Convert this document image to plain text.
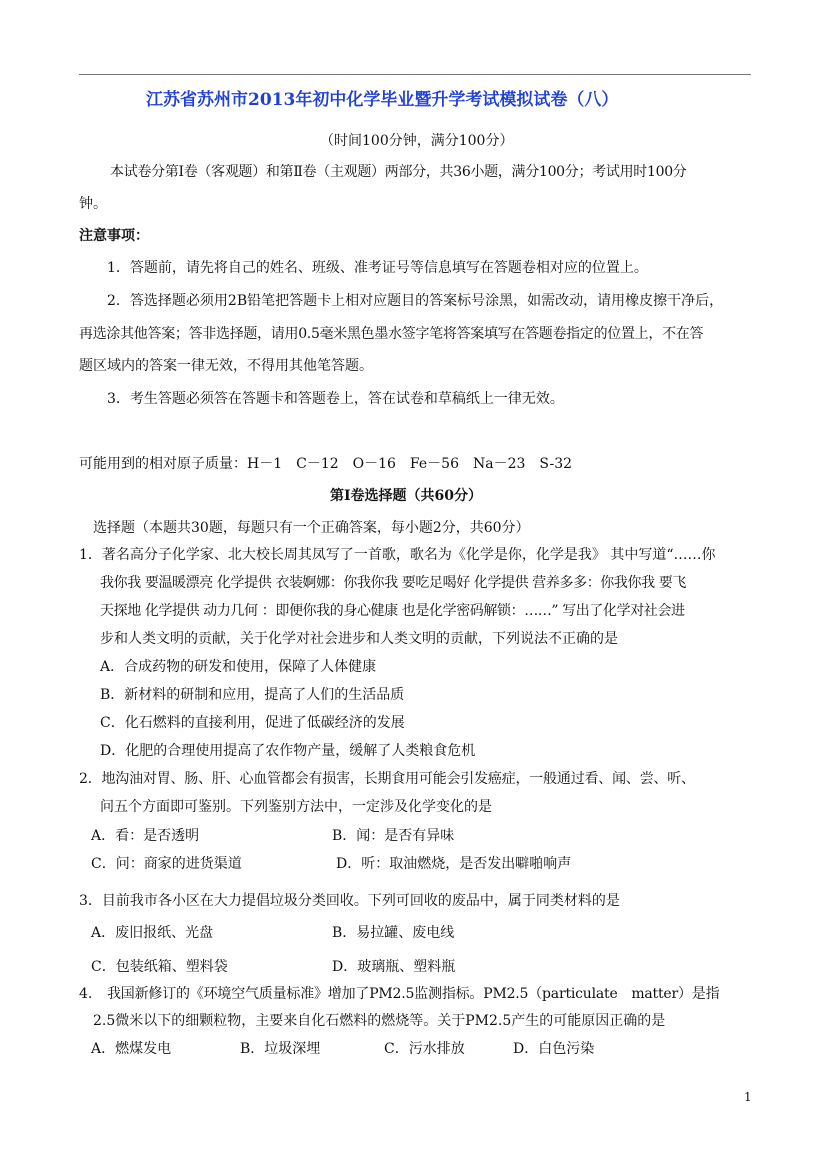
江苏省苏州市2013年初中化学毕业暨升学考试模拟试卷（八）
（时间100分钟，满分100分）
本试卷分第Ⅰ卷（客观题）和第Ⅱ卷（主观题）两部分，共36小题，满分100分；考试用时100分
钟。
注意事项：
1．答题前，请先将自己的姓名、班级、准考证号等信息填写在答题卷相对应的位置上。
2．答选择题必须用2B铅笔把答题卡上相对应题目的答案标号涂黑，如需改动，请用橡皮擦干净后，
再选涂其他答案；答非选择题，请用0.5毫米黑色墨水签字笔将答案填写在答题卷指定的位置上，不在答
题区域内的答案一律无效，不得用其他笔答题。
3．考生答题必须答在答题卡和答题卷上，答在试卷和草稿纸上一律无效。
可能用到的相对原子质量：H－1　C－12　O－16　Fe－56　Na－23　S-32
第Ⅰ卷选择题（共60分）
选择题（本题共30题，每题只有一个正确答案，每小题2分，共60分）
1．著名高分子化学家、北大校长周其凤写了一首歌，歌名为《化学是你，化学是我》 其中写道“……你
我你我 要温暖漂亮 化学提供 衣装婀娜：你我你我 要吃足喝好 化学提供 营养多多：你我你我 要飞
天探地 化学提供 动力几何 ：即便你我的身心健康 也是化学密码解锁：……” 写出了化学对社会进
步和人类文明的贡献，关于化学对社会进步和人类文明的贡献，下列说法不正确的是
A．合成药物的研发和使用，保障了人体健康
B．新材料的研制和应用，提高了人们的生活品质
C．化石燃料的直接利用，促进了低碳经济的发展
D．化肥的合理使用提高了农作物产量，缓解了人类粮食危机
2．地沟油对胃、肠、肝、心血管都会有损害，长期食用可能会引发癌症，一般通过看、闻、尝、听、
问五个方面即可鉴别。下列鉴别方法中，一定涉及化学变化的是
A．看：是否透明	B．闻：是否有异味
C．问：商家的进货渠道	D．听：取油燃烧，是否发出噼啪响声
3．目前我市各小区在大力提倡垃圾分类回收。下列可回收的废品中，属于同类材料的是
A．废旧报纸、光盘	B．易拉罐、废电线
C．包装纸箱、塑料袋	D．玻璃瓶、塑料瓶
4. 我国新修订的《环境空气质量标准》增加了PM2.5监测指标。PM2.5（particulate　matter）是指
2.5微米以下的细颗粒物，主要来自化石燃料的燃烧等。关于PM2.5产生的可能原因正确的是
A．燃煤发电	B．垃圾深埋	C．污水排放	D．白色污染
1
